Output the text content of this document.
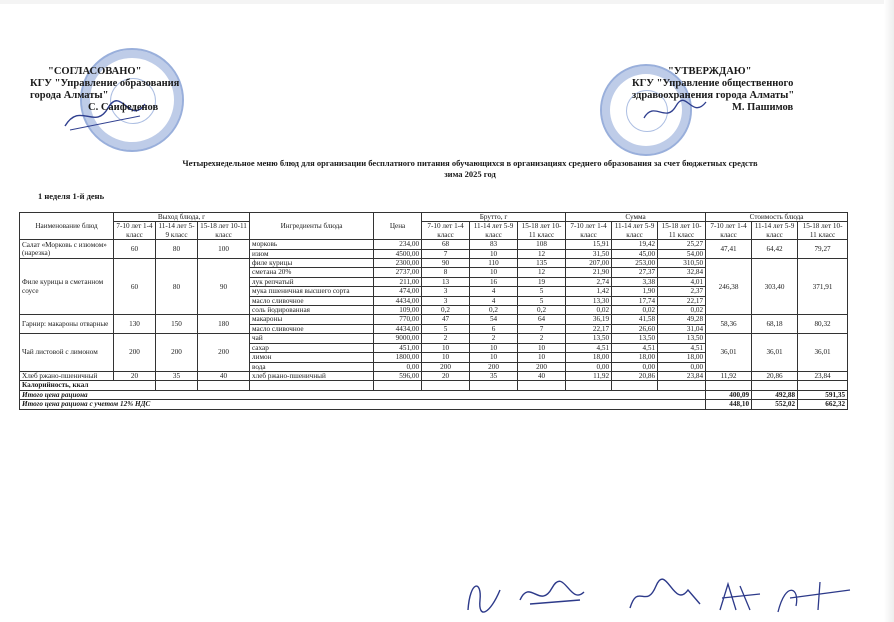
"СОГЛАСОВАНО"
КГУ "Управление образования
города Алматы"
С. Саифеденов
"УТВЕРЖДАЮ"
КГУ "Управление общественного
здравоохранения города Алматы"
М. Пашимов
Четырехнедельное меню блюд для организации бесплатного питания обучающихся в организациях среднего образования за счет бюджетных средств
зима 2025 год
1 неделя 1-й день
Наименование блюд	Выход блюда, г			Ингредиенты блюда	Цена	Брутто, г			Сумма			Стоимость блюда		
	7-10 лет 1-4 класс	11-14 лет 5-9 класс	15-18 лет 10-11 класс			7-10 лет 1-4 класс	11-14 лет 5-9 класс	15-18 лет 10-11 класс	7-10 лет 1-4 класс	11-14 лет 5-9 класс	15-18 лет 10-11 класс	7-10 лет 1-4 класс	11-14 лет 5-9 класс	15-18 лет 10-11 класс
Салат «Морковь с изюмом» (нарезка)	60	80	100	морковь	234,00	68	83	108	15,91	19,42	25,27	47,41	64,42	79,27
				изюм	4500,00	7	10	12	31,50	45,00	54,00			
Филе курицы в сметанном соусе	60	80	90	филе курицы	2300,00	90	110	135	207,00	253,00	310,50	246,38	303,40	371,91
				сметана 20%	2737,00	8	10	12	21,90	27,37	32,84			
				лук репчатый	211,00	13	16	19	2,74	3,38	4,01			
				мука пшеничная высшего сорта	474,00	3	4	5	1,42	1,90	2,37			
				масло сливочное	4434,00	3	4	5	13,30	17,74	22,17			
				соль йодированная	109,00	0,2	0,2	0,2	0,02	0,02	0,02			
Гарнир: макароны отварные	130	150	180	макароны	770,00	47	54	64	36,19	41,58	49,28	58,36	68,18	80,32
				масло сливочное	4434,00	5	6	7	22,17	26,60	31,04			
Чай листовой с лимоном	200	200	200	чай	9000,00	2	2	2	13,50	13,50	13,50	36,01	36,01	36,01
				сахар	451,00	10	10	10	4,51	4,51	4,51			
				лимон	1800,00	10	10	10	18,00	18,00	18,00			
				вода	0,00	200	200	200	0,00	0,00	0,00			
Хлеб ржано-пшеничный	20	35	40	хлеб ржано-пшеничный	596,00	20	35	40	11,92	20,86	23,84	11,92	20,86	23,84
Калорийность, ккал														
Итого цена рациона												400,09	492,88	591,35
Итого цена рациона с учетом 12% НДС												448,10	552,02	662,32
